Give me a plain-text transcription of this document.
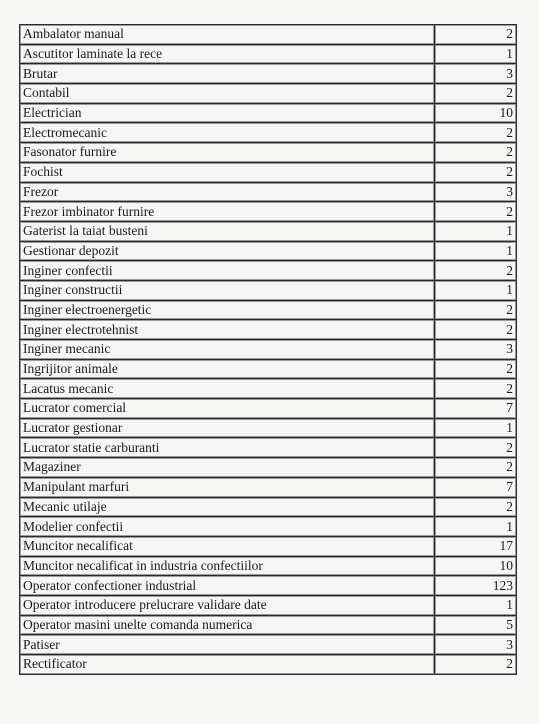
Ambalator manual	2
Ascutitor laminate la rece	1
Brutar	3
Contabil	2
Electrician	10
Electromecanic	2
Fasonator furnire	2
Fochist	2
Frezor	3
Frezor imbinator furnire	2
Gaterist la taiat busteni	1
Gestionar depozit	1
Inginer confectii	2
Inginer constructii	1
Inginer electroenergetic	2
Inginer electrotehnist	2
Inginer mecanic	3
Ingrijitor animale	2
Lacatus mecanic	2
Lucrator comercial	7
Lucrator gestionar	1
Lucrator statie carburanti	2
Magaziner	2
Manipulant marfuri	7
Mecanic utilaje	2
Modelier confectii	1
Muncitor necalificat	17
Muncitor necalificat in industria confectiilor	10
Operator confectioner industrial	123
Operator introducere prelucrare validare date	1
Operator masini unelte comanda numerica	5
Patiser	3
Rectificator	2
